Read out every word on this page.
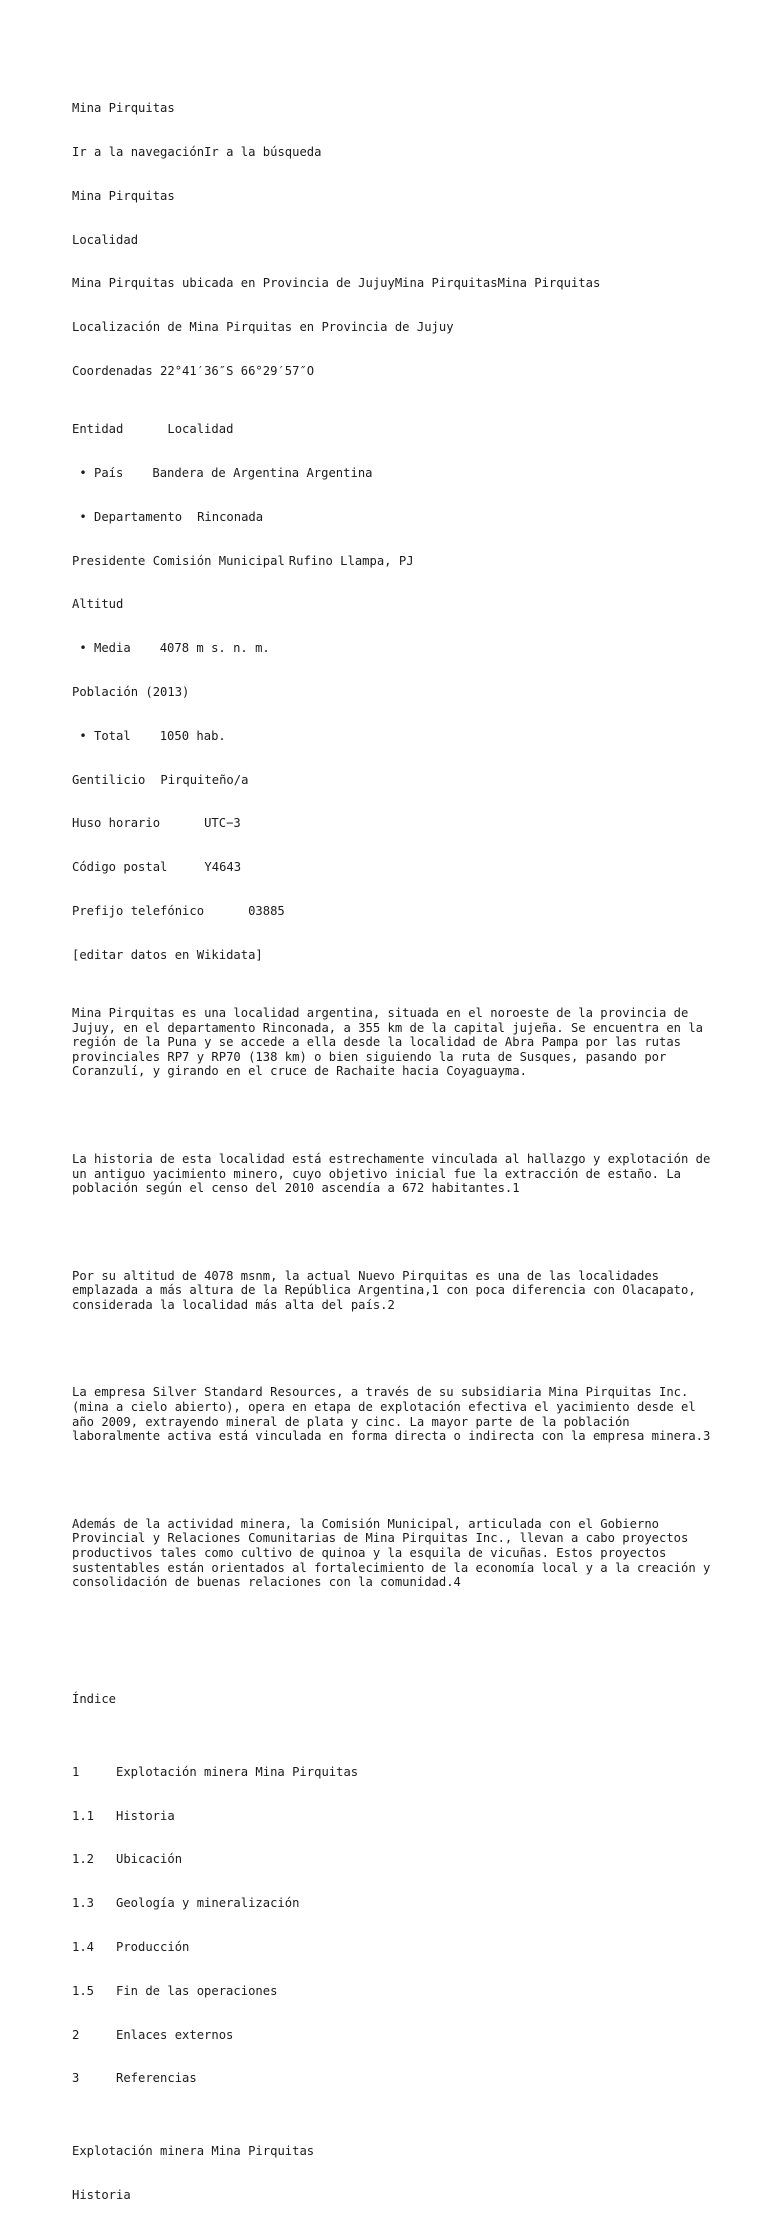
Mina Pirquitas

Ir a la navegaciónIr a la búsqueda

Mina Pirquitas

Localidad

Mina Pirquitas ubicada en Provincia de JujuyMina PirquitasMina Pirquitas

Localización de Mina Pirquitas en Provincia de Jujuy

Coordenadas 22°41′36″S 66°29′57″O

Entidad	Localidad

• País Bandera de Argentina Argentina

• Departamento Rinconada

Presidente Comisión Municipal Rufino Llampa, PJ

Altitud

• Media 4078 m s. n. m.

Población (2013)

• Total 1050 hab.

Gentilicio Pirquiteño/a

Huso horario	UTC−3

Código postal	Y4643

Prefijo telefónico	03885

[editar datos en Wikidata]

Mina Pirquitas es una localidad argentina, situada en el noroeste de la provincia de Jujuy, en el departamento Rinconada, a 355 km de la capital jujeña. Se encuentra en la región de la Puna y se accede a ella desde la localidad de Abra Pampa por las rutas provinciales RP7 y RP70 (138 km) o bien siguiendo la ruta de Susques, pasando por Coranzulí, y girando en el cruce de Rachaite hacia Coyaguayma.

La historia de esta localidad está estrechamente vinculada al hallazgo y explotación de un antiguo yacimiento minero, cuyo objetivo inicial fue la extracción de estaño. La población según el censo del 2010 ascendía a 672 habitantes.1

Por su altitud de 4078 msnm, la actual Nuevo Pirquitas es una de las localidades emplazada a más altura de la República Argentina,1 con poca diferencia con Olacapato, considerada la localidad más alta del país.2

La empresa Silver Standard Resources, a través de su subsidiaria Mina Pirquitas Inc.(mina a cielo abierto), opera en etapa de explotación efectiva el yacimiento desde el año 2009, extrayendo mineral de plata y cinc. La mayor parte de la población laboralmente activa está vinculada en forma directa o indirecta con la empresa minera.3

Además de la actividad minera, la Comisión Municipal, articulada con el Gobierno Provincial y Relaciones Comunitarias de Mina Pirquitas Inc., llevan a cabo proyectos productivos tales como cultivo de quinoa y la esquila de vicuñas. Estos proyectos sustentables están orientados al fortalecimiento de la economía local y a la creación y consolidación de buenas relaciones con la comunidad.4

Índice

1	Explotación minera Mina Pirquitas

1.1 Historia

1.2 Ubicación

1.3 Geología y mineralización

1.4 Producción

1.5 Fin de las operaciones

2	Enlaces externos

3	Referencias

Explotación minera Mina Pirquitas

Historia
